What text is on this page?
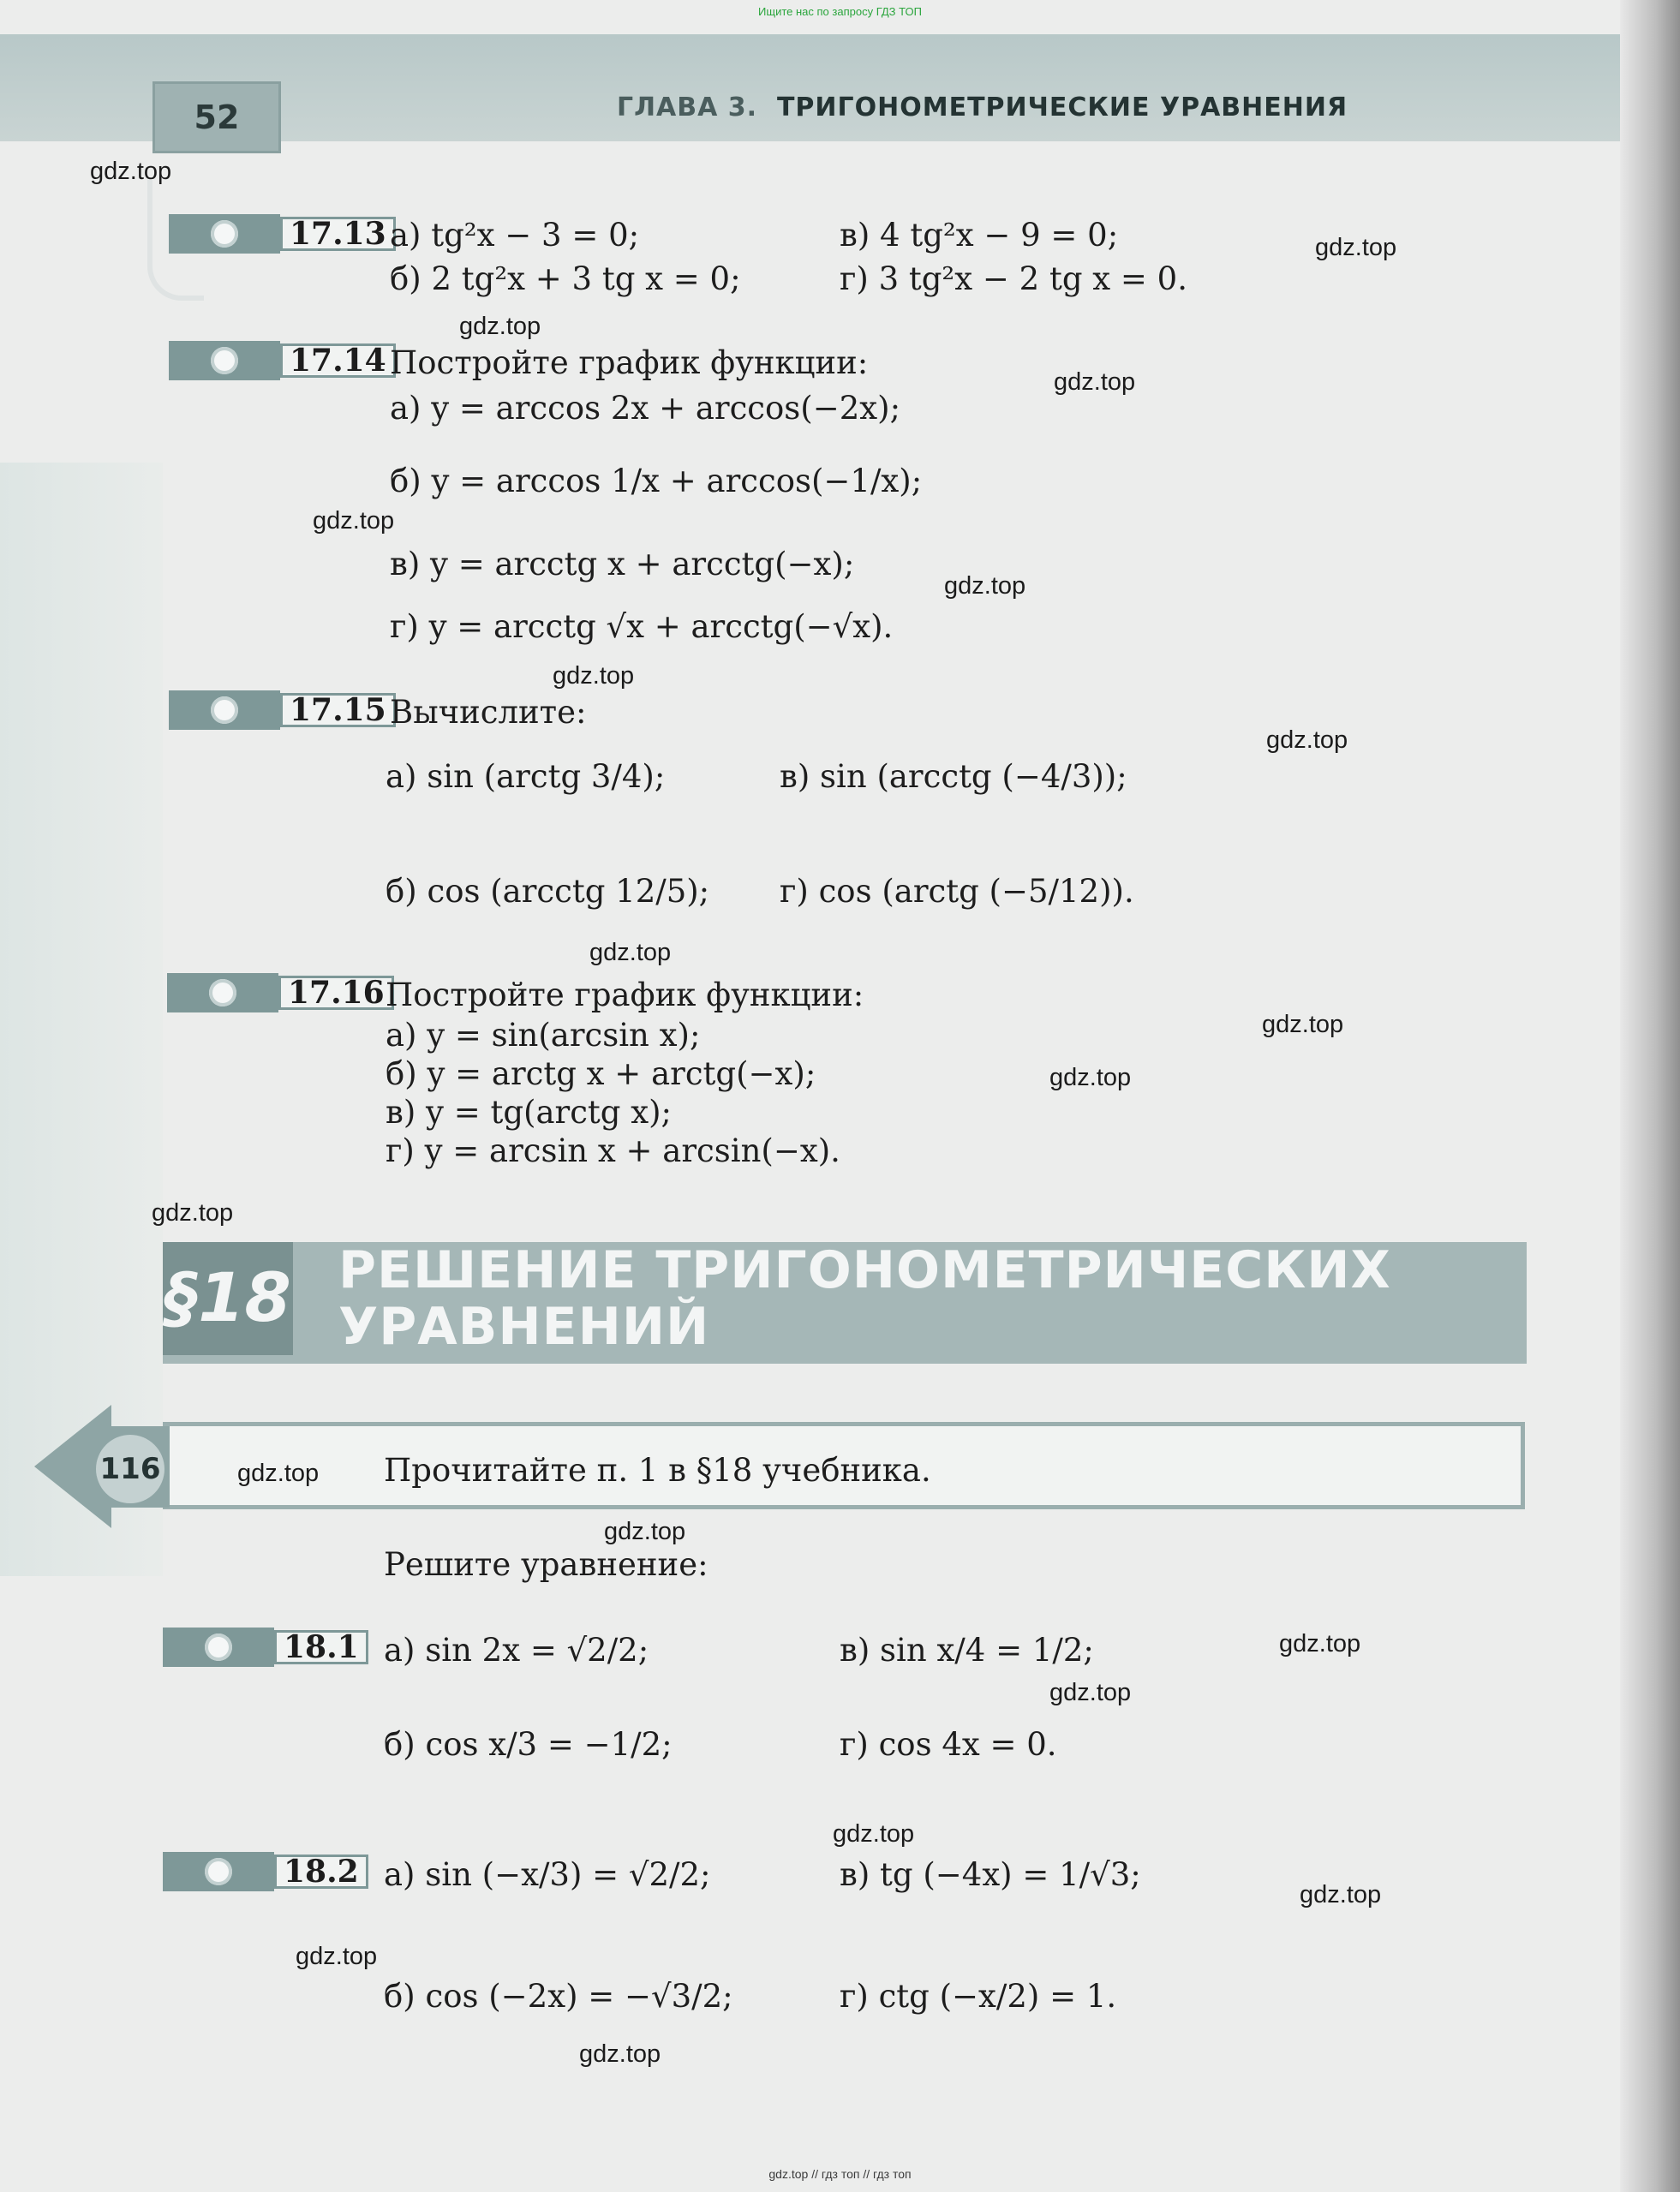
Ищите нас по запросу ГДЗ ТОП
52	ГЛАВА 3. ТРИГОНОМЕТРИЧЕСКИЕ УРАВНЕНИЯ
17.13 а) tg²x − 3 = 0;	в) 4 tg²x − 9 = 0;
б) 2 tg²x + 3 tg x = 0;	г) 3 tg²x − 2 tg x = 0.
17.14 Постройте график функции:
а) y = arccos 2x + arccos(−2x);
б) y = arccos 1/x + arccos(−1/x);
в) y = arcctg x + arcctg(−x);
г) y = arcctg √x + arcctg(−√x).
17.15 Вычислите:
а) sin (arctg 3/4);	в) sin (arcctg (−4/3));
б) cos (arcctg 12/5); г) cos (arctg (−5/12)).
17.16 Постройте график функции:
а) y = sin(arcsin x);
б) y = arctg x + arctg(−x);
в) y = tg(arctg x);
г) y = arcsin x + arcsin(−x).
§18 РЕШЕНИЕ ТРИГОНОМЕТРИЧЕСКИХ
УРАВНЕНИЙ
116	Прочитайте п. 1 в §18 учебника.
Решите уравнение:
18.1 а) sin 2x = √2/2;	в) sin x/4 = 1/2;
б) cos x/3 = −1/2;	г) cos 4x = 0.
18.2 а) sin (−x/3) = √2/2;	в) tg (−4x) = 1/√3;
б) cos (−2x) = −√3/2;	г) ctg (−x/2) = 1.
gdz.top
gdz.top
gdz.top
gdz.top
gdz.top
gdz.top
gdz.top
gdz.top
gdz.top
gdz.top
gdz.top
gdz.top
gdz.top
gdz.top
gdz.top
gdz.top
gdz.top
gdz.top
gdz.top
gdz.top
gdz.top // гдз топ // гдз топ
